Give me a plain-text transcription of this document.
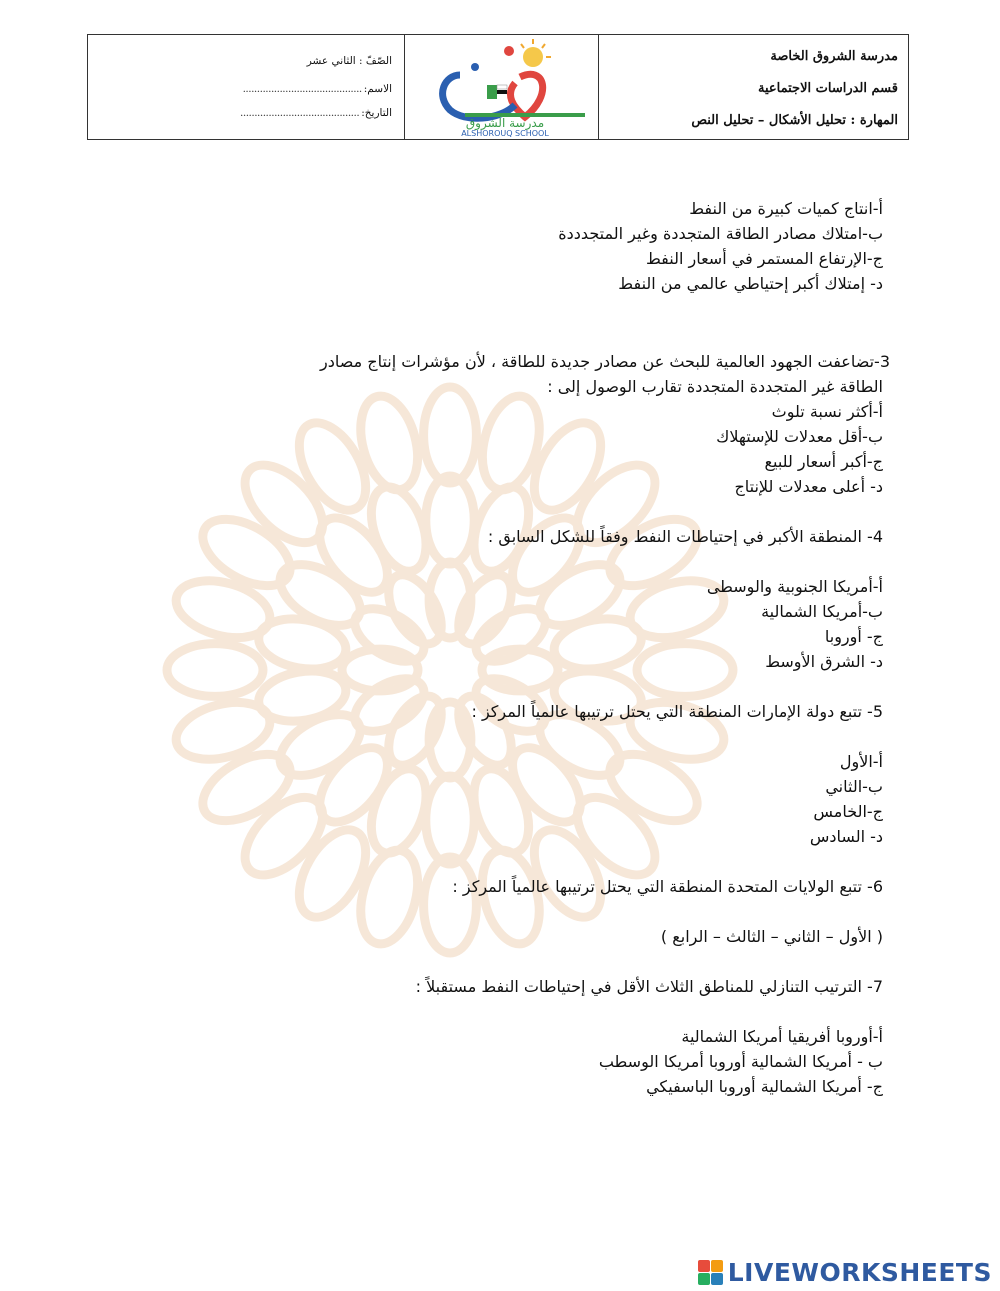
الصّفّ : الثاني عشر
الاسم:
..........................................
التاريخ:
..........................................
مدرسة الشروق
ALSHOROUQ SCHOOL
مدرسة الشروق الخاصة
قسم الدراسات الاجتماعية
المهارة : تحليل الأشكال – تحليل النص
أ-انتاج كميات كبيرة من النفط
ب-امتلاك مصادر الطاقة المتجددة وغير المتجدددة
ج-الإرتفاع المستمر في أسعار النفط
د- إمتلاك أكبر إحتياطي عالمي من النفط
3-تضاعفت الجهود العالمية للبحث عن مصادر جديدة للطاقة ، لأن مؤشرات إنتاج مصادر
الطاقة غير المتجددة المتجددة تقارب الوصول إلى :
أ-أكثر نسبة تلوث
ب-أقل معدلات للإستهلاك
ج-أكبر أسعار للبيع
د- أعلى معدلات للإنتاج
4- المنطقة الأكبر في إحتياطات النفط وفقاً للشكل السابق :
أ-أمريكا الجنوبية والوسطى
ب-أمريكا الشمالية
ج- أوروبا
د- الشرق الأوسط
5- تتبع دولة الإمارات المنطقة التي يحتل ترتيبها عالمياً المركز :
أ-الأول
ب-الثاني
ج-الخامس
د- السادس
6- تتبع الولايات المتحدة المنطقة التي يحتل ترتيبها عالمياً المركز :
( الأول – الثاني – الثالث – الرابع )
7- الترتيب التنازلي للمناطق الثلاث الأقل في إحتياطات النفط مستقبلاً :
أ-أوروبا أفريقيا أمريكا الشمالية
ب - أمريكا الشمالية أوروبا أمريكا الوسطب
ج- أمريكا الشمالية أوروبا الباسفيكي
LIVEWORKSHEETS
